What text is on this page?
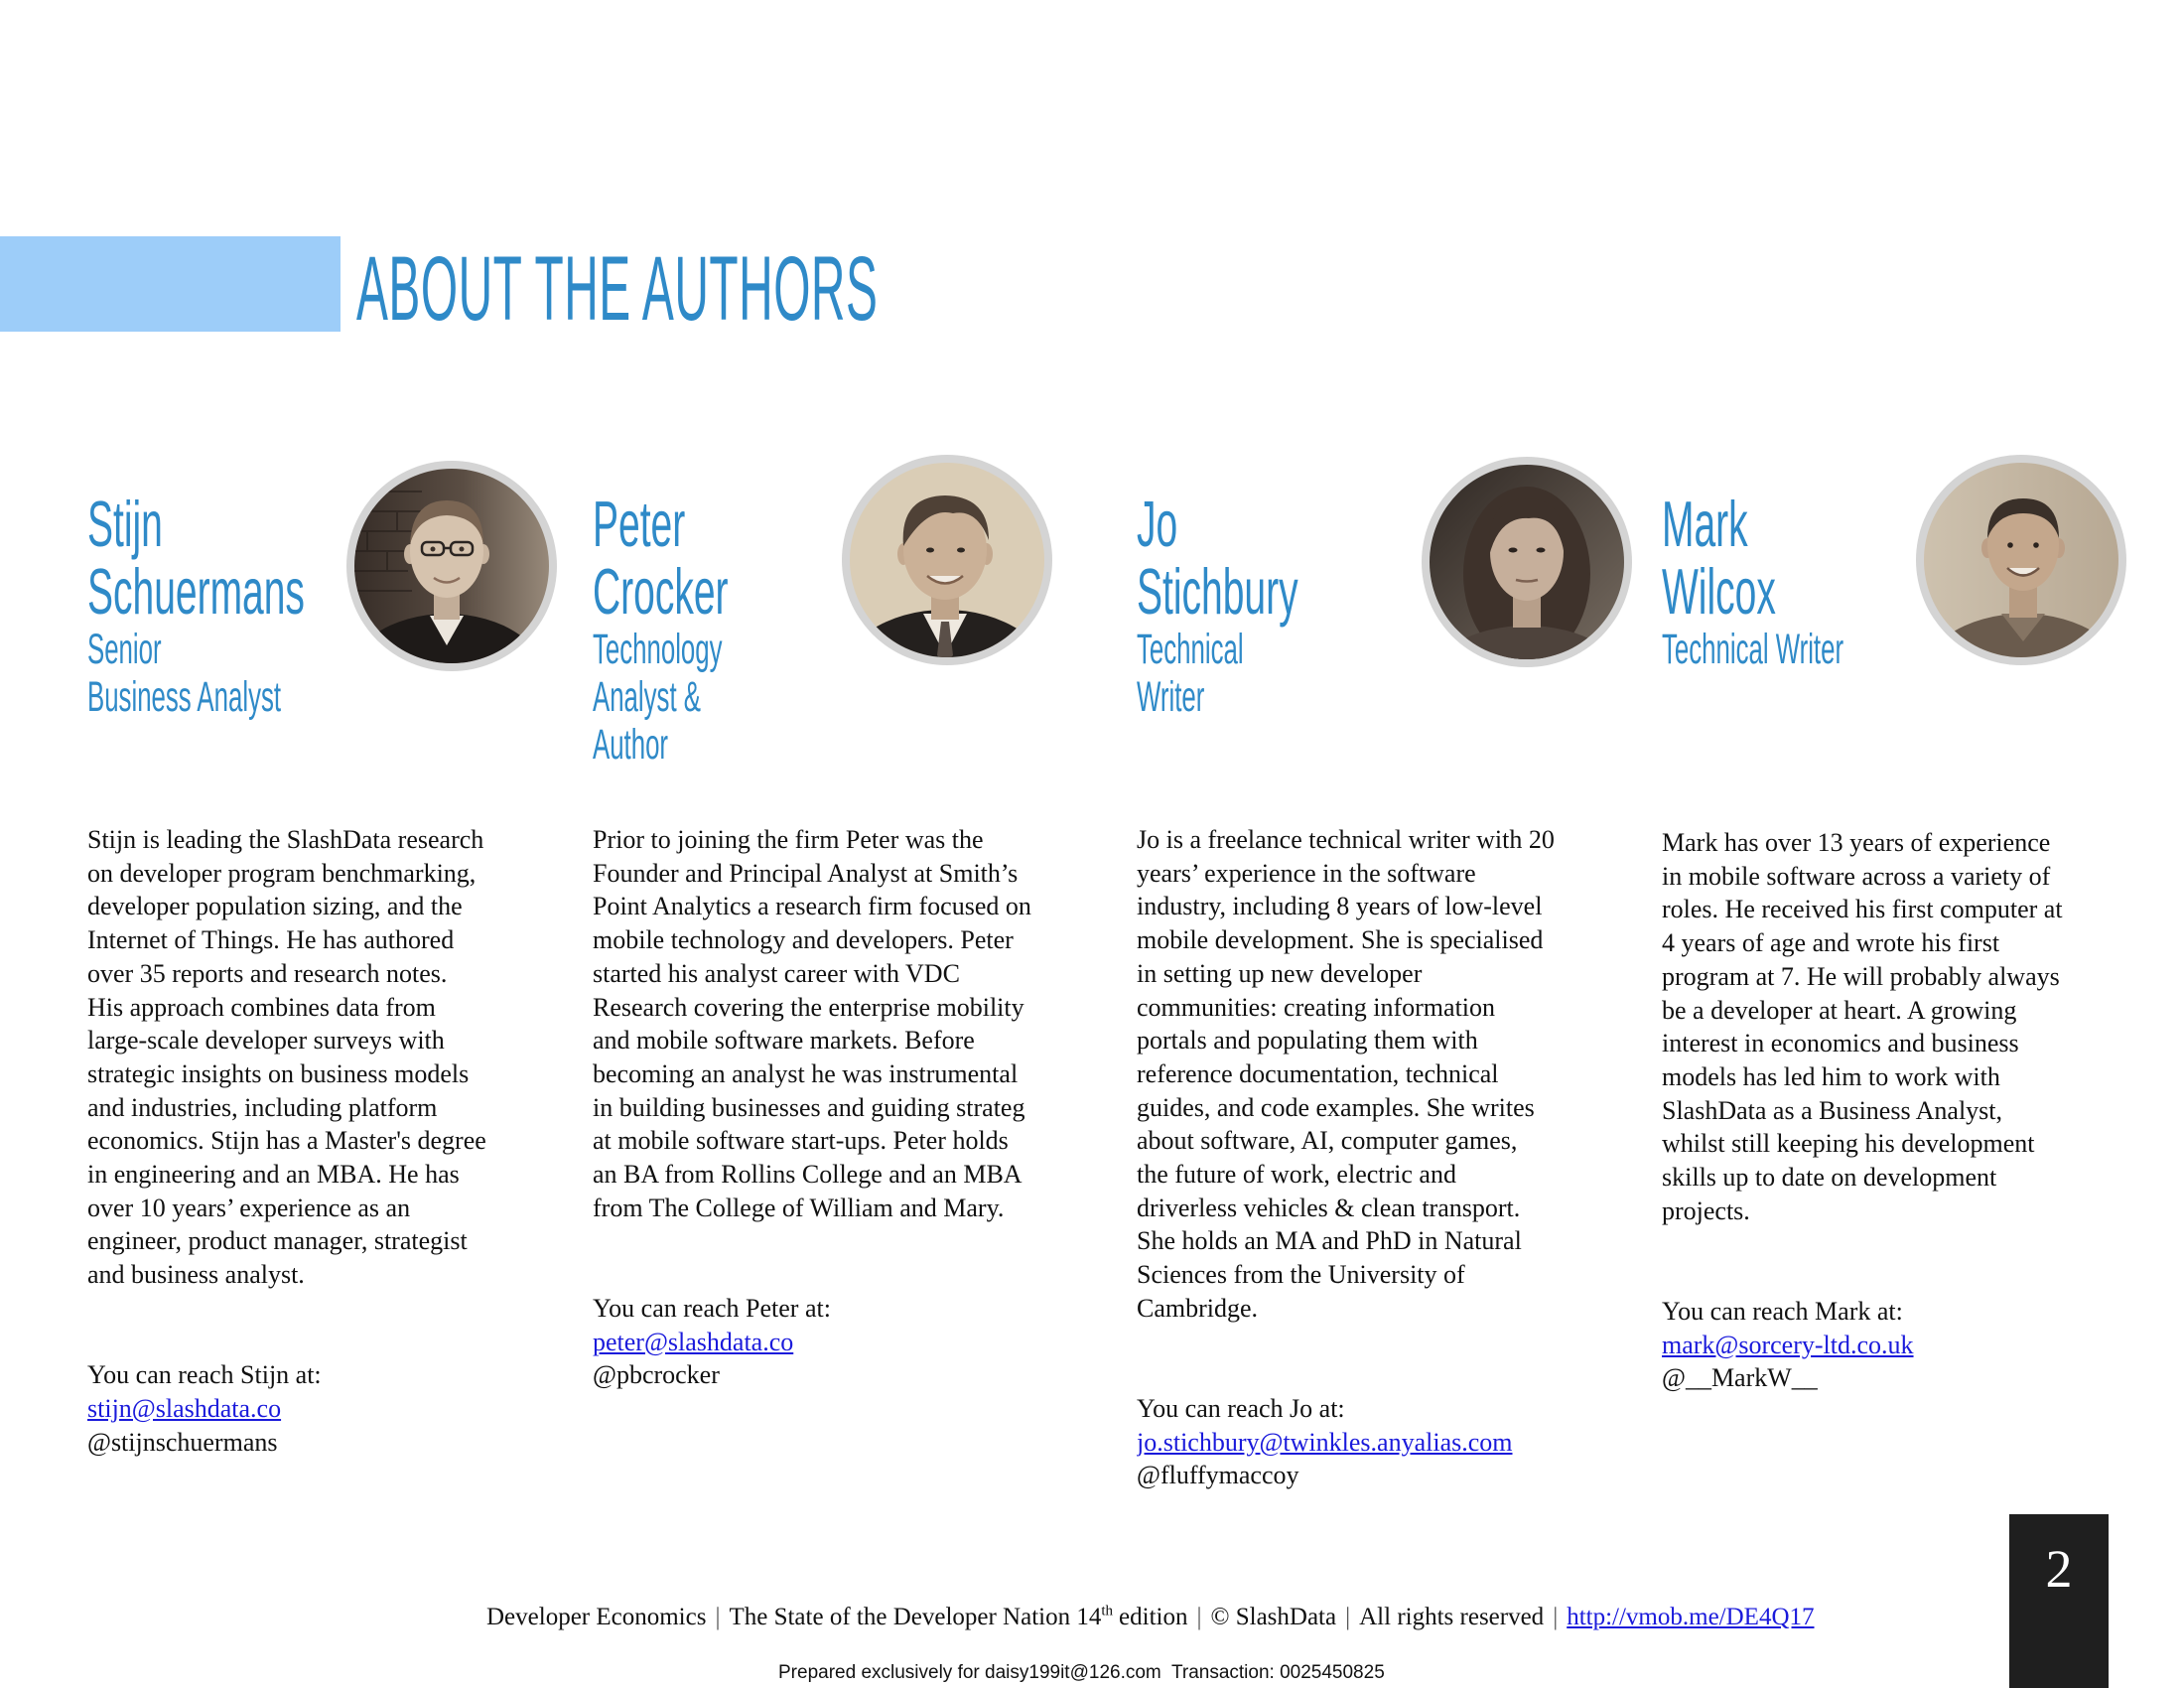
ABOUT THE AUTHORS
Stijn
Schuermans
Senior
Business Analyst
Stijn is leading the SlashData research
on developer program benchmarking,
developer population sizing, and the
Internet of Things. He has authored
over 35 reports and research notes.
His approach combines data from
large-scale developer surveys with
strategic insights on business models
and industries, including platform
economics. Stijn has a Master's degree
in engineering and an MBA. He has
over 10 years’ experience as an
engineer, product manager, strategist
and business analyst.
You can reach Stijn at:
stijn@slashdata.co
@stijnschuermans
Peter
Crocker
Technology
Analyst &
Author
Prior to joining the firm Peter was the
Founder and Principal Analyst at Smith’s
Point Analytics a research firm focused on
mobile technology and developers. Peter
started his analyst career with VDC
Research covering the enterprise mobility
and mobile software markets. Before
becoming an analyst he was instrumental
in building businesses and guiding strateg
at mobile software start-ups. Peter holds
an BA from Rollins College and an MBA
from The College of William and Mary.
You can reach Peter at:
peter@slashdata.co
@pbcrocker
Jo
Stichbury
Technical
Writer
Jo is a freelance technical writer with 20
years’ experience in the software
industry, including 8 years of low-level
mobile development. She is specialised
in setting up new developer
communities: creating information
portals and populating them with
reference documentation, technical
guides, and code examples. She writes
about software, AI, computer games,
the future of work, electric and
driverless vehicles & clean transport.
She holds an MA and PhD in Natural
Sciences from the University of
Cambridge.
You can reach Jo at:
jo.stichbury@twinkles.anyalias.com
@fluffymaccoy
Mark
Wilcox
Technical Writer
Mark has over 13 years of experience
in mobile software across a variety of
roles. He received his first computer at
4 years of age and wrote his first
program at 7. He will probably always
be a developer at heart. A growing
interest in economics and business
models has led him to work with
SlashData as a Business Analyst,
whilst still keeping his development
skills up to date on development
projects.
You can reach Mark at:
mark@sorcery-ltd.co.uk
@__MarkW__
Developer Economics | The State of the Developer Nation 14th edition | © SlashData | All rights reserved | http://vmob.me/DE4Q17
2
Prepared exclusively for daisy199it@126.com  Transaction: 0025450825
